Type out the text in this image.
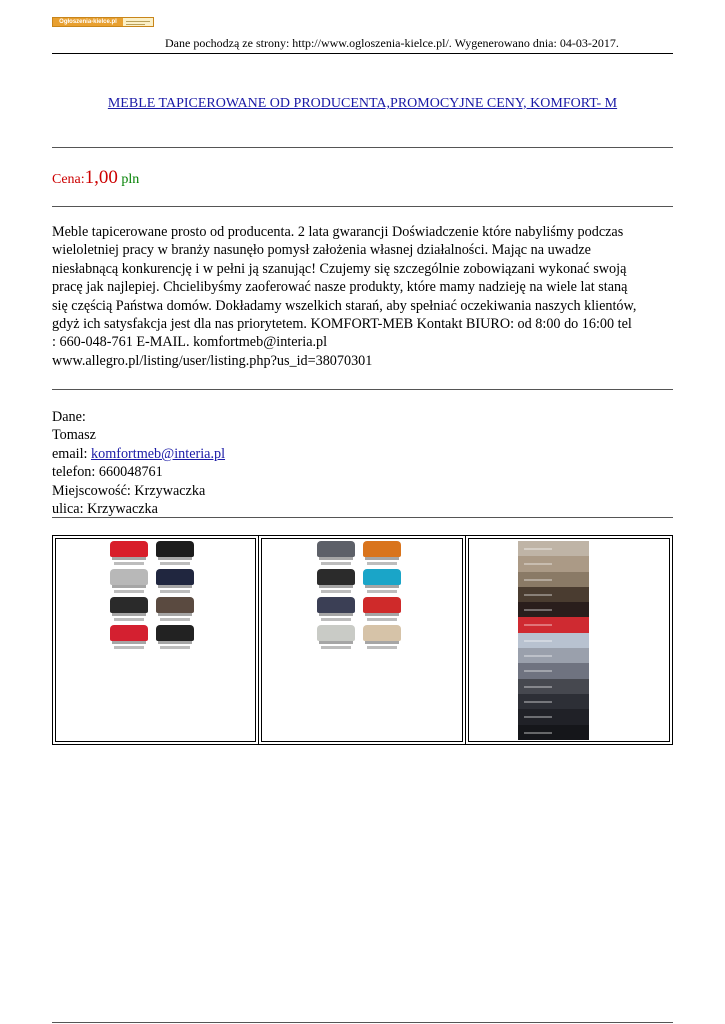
Ogłoszenia-kielce.pl
Dane pochodzą ze strony: http://www.ogloszenia-kielce.pl/. Wygenerowano dnia: 04-03-2017.
MEBLE TAPICEROWANE OD PRODUCENTA,PROMOCYJNE CENY, KOMFORT- M
Cena:1,00 pln
Meble tapicerowane prosto od producenta. 2 lata gwarancji Doświadczenie które nabyliśmy podczas
wieloletniej pracy w branży nasunęło pomysł założenia własnej działalności. Mając na uwadze
niesłabnącą konkurencję i w pełni ją szanując! Czujemy się szczególnie zobowiązani wykonać swoją
pracę jak najlepiej. Chcielibyśmy zaoferować nasze produkty, które mamy nadzieję na wiele lat staną
się częścią Państwa domów. Dokładamy wszelkich starań, aby spełniać oczekiwania naszych klientów,
gdyż ich satysfakcja jest dla nas priorytetem. KOMFORT-MEB Kontakt BIURO: od 8:00 do 16:00 tel
: 660-048-761 E-MAIL. komfortmeb@interia.pl
www.allegro.pl/listing/user/listing.php?us_id=38070301
Dane:
Tomasz
email: komfortmeb@interia.pl
telefon: 660048761
Miejscowość: Krzywaczka
ulica: Krzywaczka
